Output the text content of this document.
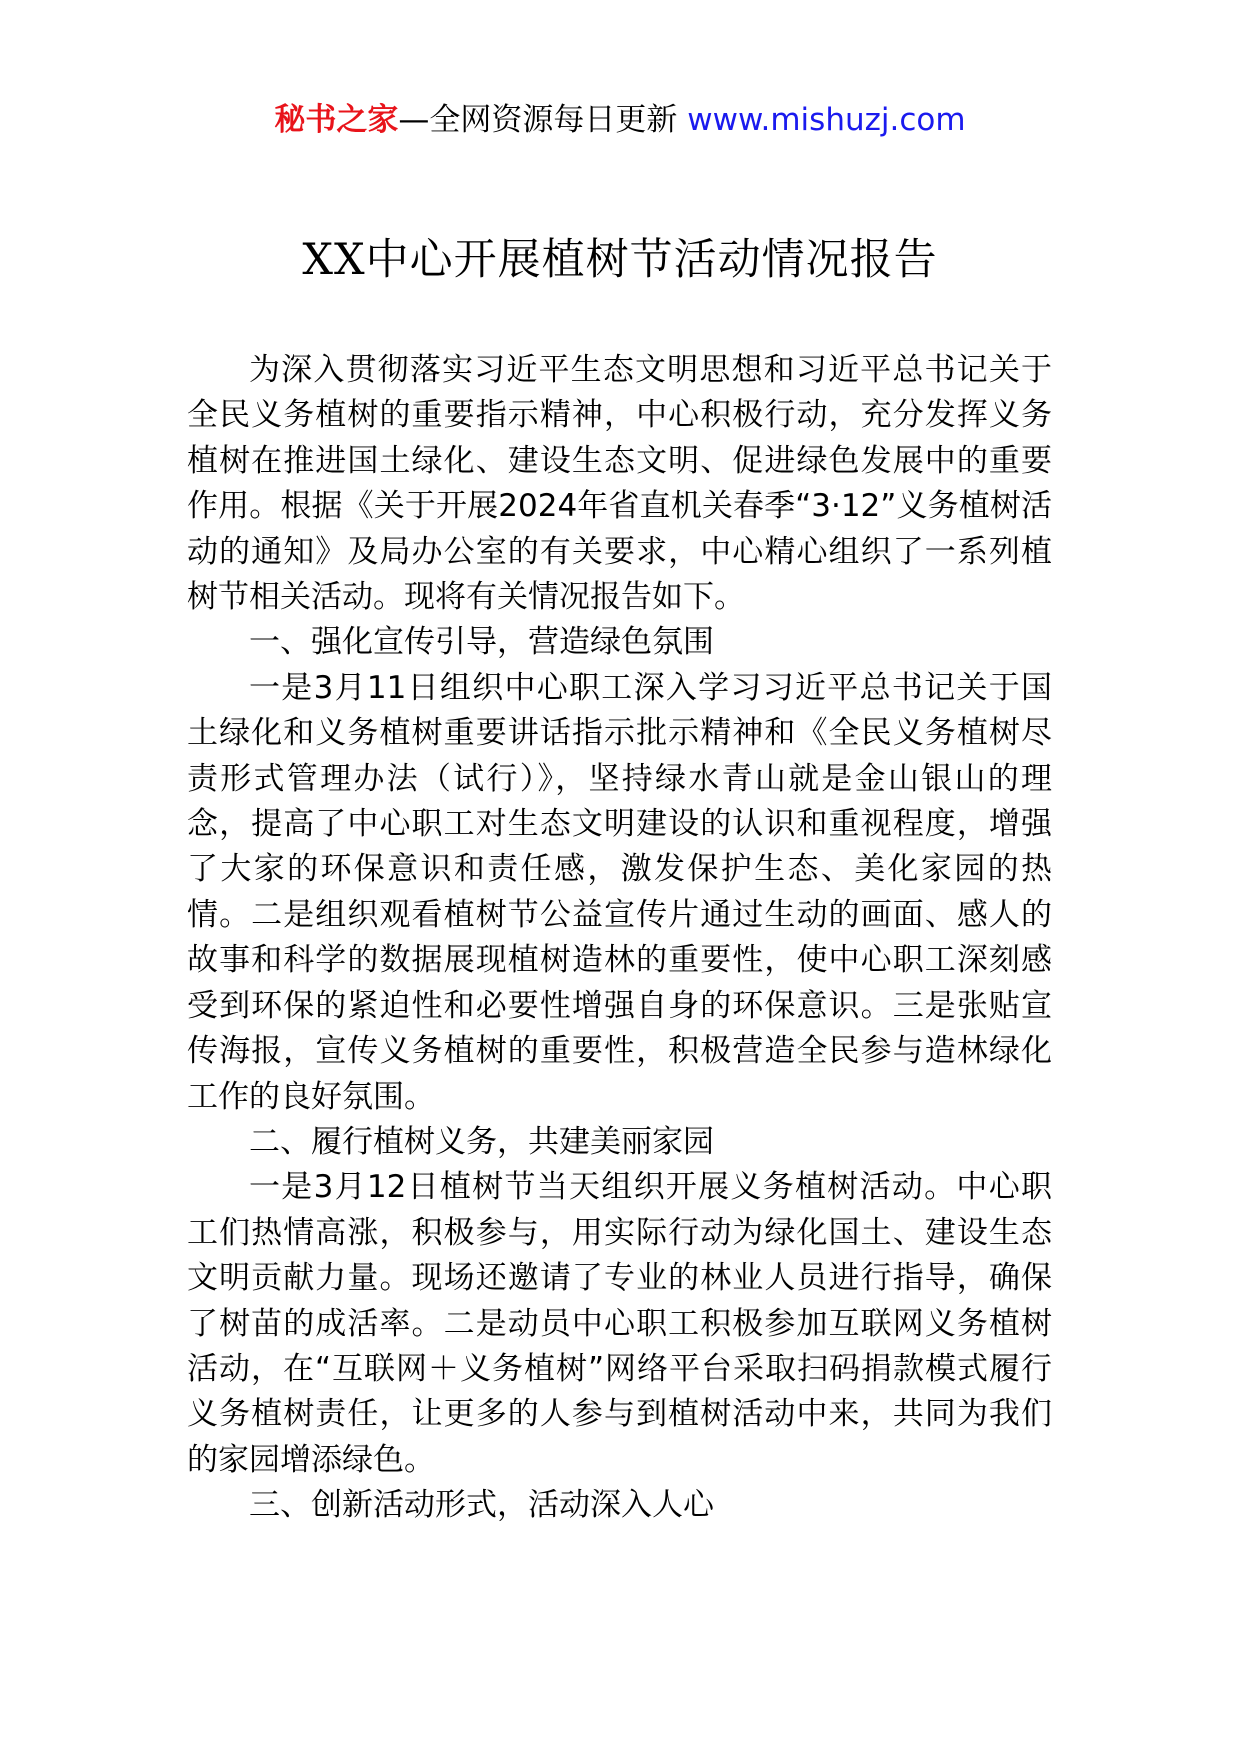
秘书之家—全网资源每日更新 www.mishuzj.com
XX中心开展植树节活动情况报告

为深入贯彻落实习近平生态文明思想和习近平总书记关于全民义务植树的重要指示精神，中心积极行动，充分发挥义务植树在推进国土绿化、建设生态文明、促进绿色发展中的重要作用。根据《关于开展2024年省直机关春季“3·12”义务植树活动的通知》及局办公室的有关要求，中心精心组织了一系列植树节相关活动。现将有关情况报告如下。

一、强化宣传引导，营造绿色氛围

一是3月11日组织中心职工深入学习习近平总书记关于国土绿化和义务植树重要讲话指示批示精神和《全民义务植树尽责形式管理办法（试行）》，坚持绿水青山就是金山银山的理念，提高了中心职工对生态文明建设的认识和重视程度，增强了大家的环保意识和责任感，激发保护生态、美化家园的热情。二是组织观看植树节公益宣传片通过生动的画面、感人的故事和科学的数据展现植树造林的重要性，使中心职工深刻感受到环保的紧迫性和必要性增强自身的环保意识。三是张贴宣传海报，宣传义务植树的重要性，积极营造全民参与造林绿化工作的良好氛围。

二、履行植树义务，共建美丽家园

一是3月12日植树节当天组织开展义务植树活动。中心职工们热情高涨，积极参与，用实际行动为绿化国土、建设生态文明贡献力量。现场还邀请了专业的林业人员进行指导，确保了树苗的成活率。二是动员中心职工积极参加互联网义务植树活动，在“互联网＋义务植树”网络平台采取扫码捐款模式履行义务植树责任，让更多的人参与到植树活动中来，共同为我们的家园增添绿色。

三、创新活动形式，活动深入人心
